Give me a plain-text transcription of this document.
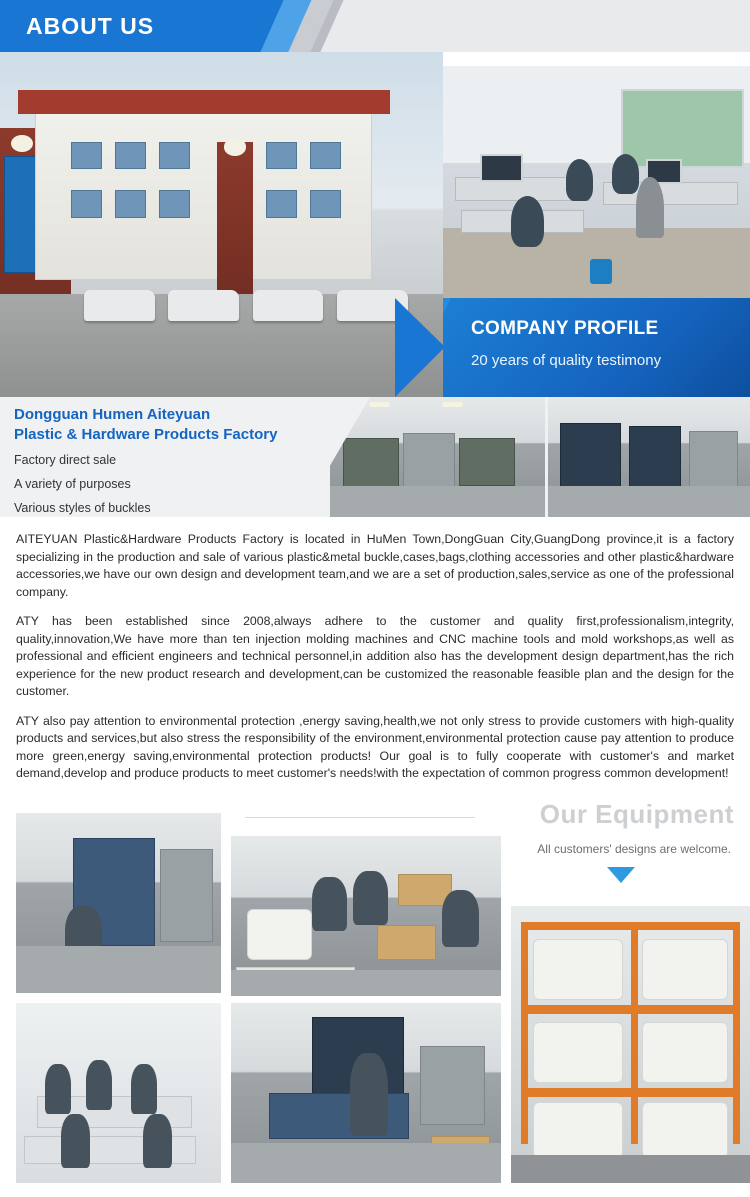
ABOUT US
COMPANY PROFILE
20 years of quality testimony
Dongguan Humen Aiteyuan
Plastic & Hardware Products Factory
Factory direct sale
A variety of purposes
Various styles of buckles

AITEYUAN Plastic&Hardware Products Factory is located in HuMen Town,DongGuan City,GuangDong province,it is a factory specializing in the production and sale of various plastic&metal buckle,cases,bags,clothing accessories and other plastic&hardware accessories,we have our own design and development team,and we are a set of production,sales,service as one of the professional company.

ATY has been established since 2008,always adhere to the customer and quality first,professionalism,integrity, quality,innovation,We have more than ten injection molding machines and CNC machine tools and mold workshops,as well as professional and efficient engineers and technical personnel,in addition also has the development design department,has the rich experience for the new product research and development,can be customized the reasonable feasible plan and the design for the customer.

ATY also pay attention to environmental protection ,energy saving,health,we not only stress to provide customers with high-quality products and services,but also stress the responsibility of the environment,environmental protection cause pay attention to produce more green,energy saving,environmental protection products! Our goal is to fully cooperate with customer's and market demand,develop and produce products to meet customer's needs!with the expectation of common progress common development!

Our Equipment
All customers' designs are welcome.
